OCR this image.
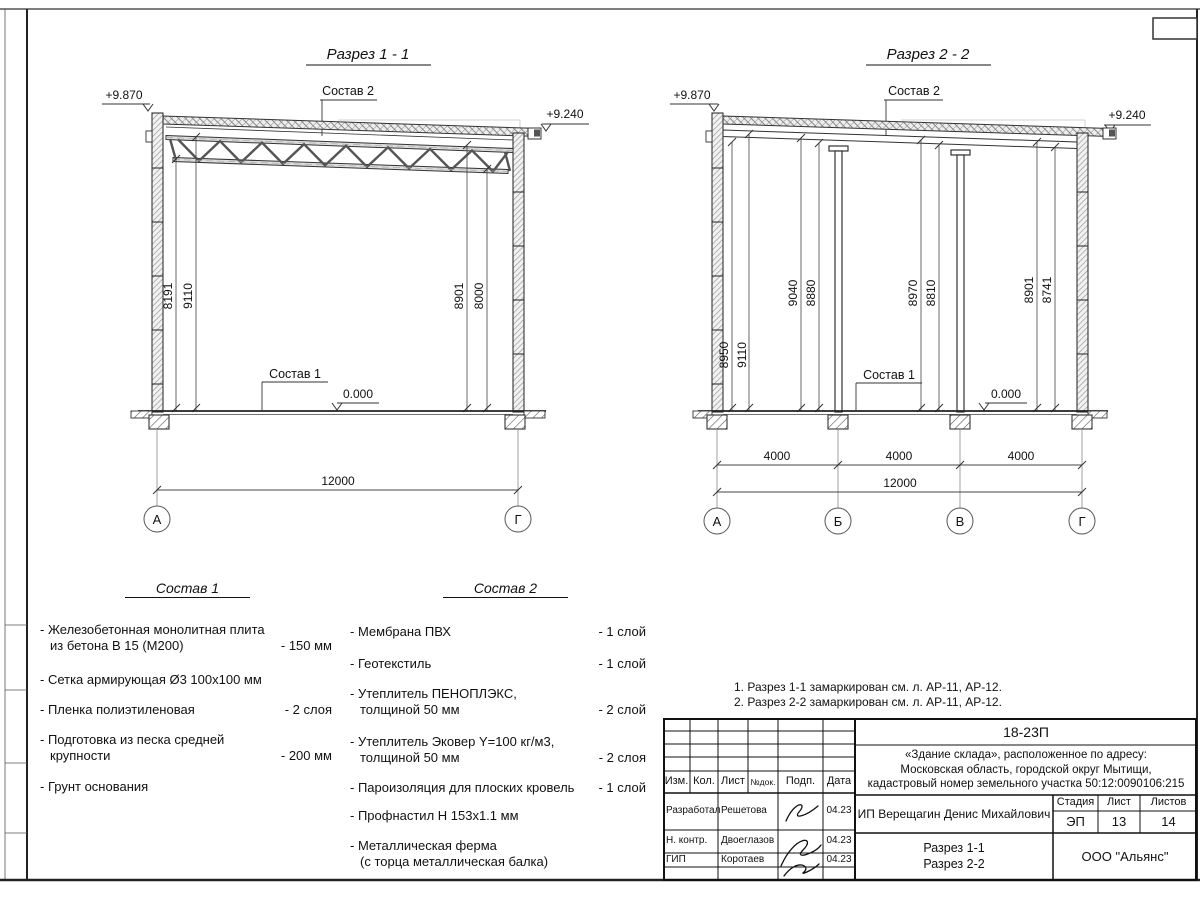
Разрез 1 - 1
+9.870
+9.240
Состав 2
8191 9110	8901 8000
Состав 1
0.000
12000
А	Г
Разрез 2 - 2
+9.870
+9.240
Состав 2
8950 9110
9040 8880	8970 8810	8901 8741
Состав 1
0.000
4000	4000	4000
12000
А	Б	В	Г
Состав 1
- Железобетонная монолитная плита
из бетона В 15 (М200)	- 150 мм
- Сетка армирующая Ø3 100х100 мм
- Пленка полиэтиленовая	- 2 слоя
- Подготовка из песка средней
крупности	- 200 мм
- Грунт основания
Состав 2
- Мембрана ПВХ	- 1 слой
- Геотекстиль	- 1 слой
- Утеплитель ПЕНОПЛЭКС,
толщиной 50 мм	- 2 слой
- Утеплитель Эковер Y=100 кг/м3,
толщиной 50 мм	- 2 слоя
- Пароизоляция для плоских кровель - 1 слой
- Профнастил Н 153х1.1 мм
- Металлическая ферма
(с торца металлическая балка)
1. Разрез 1-1 замаркирован см. л. АР-11, АР-12.
2. Разрез 2-2 замаркирован см. л. АР-11, АР-12.
18-23П
«Здание склада», расположенное по адресу:
Московская область, городской округ Мытищи,
кадастровый номер земельного участка 50:12:0090106:215
Изм. Кол. Лист №док. Подп.	Дата
Разработал Решетова	04.23
Н. контр.	Двоеглазов	04.23
ГИП	Коротаев	04.23
ИП Верещагин Денис Михайлович
Стадия	Лист	Листов
ЭП	13	14
Разрез 1-1
Разрез 2-2
ООО "Альянс"
